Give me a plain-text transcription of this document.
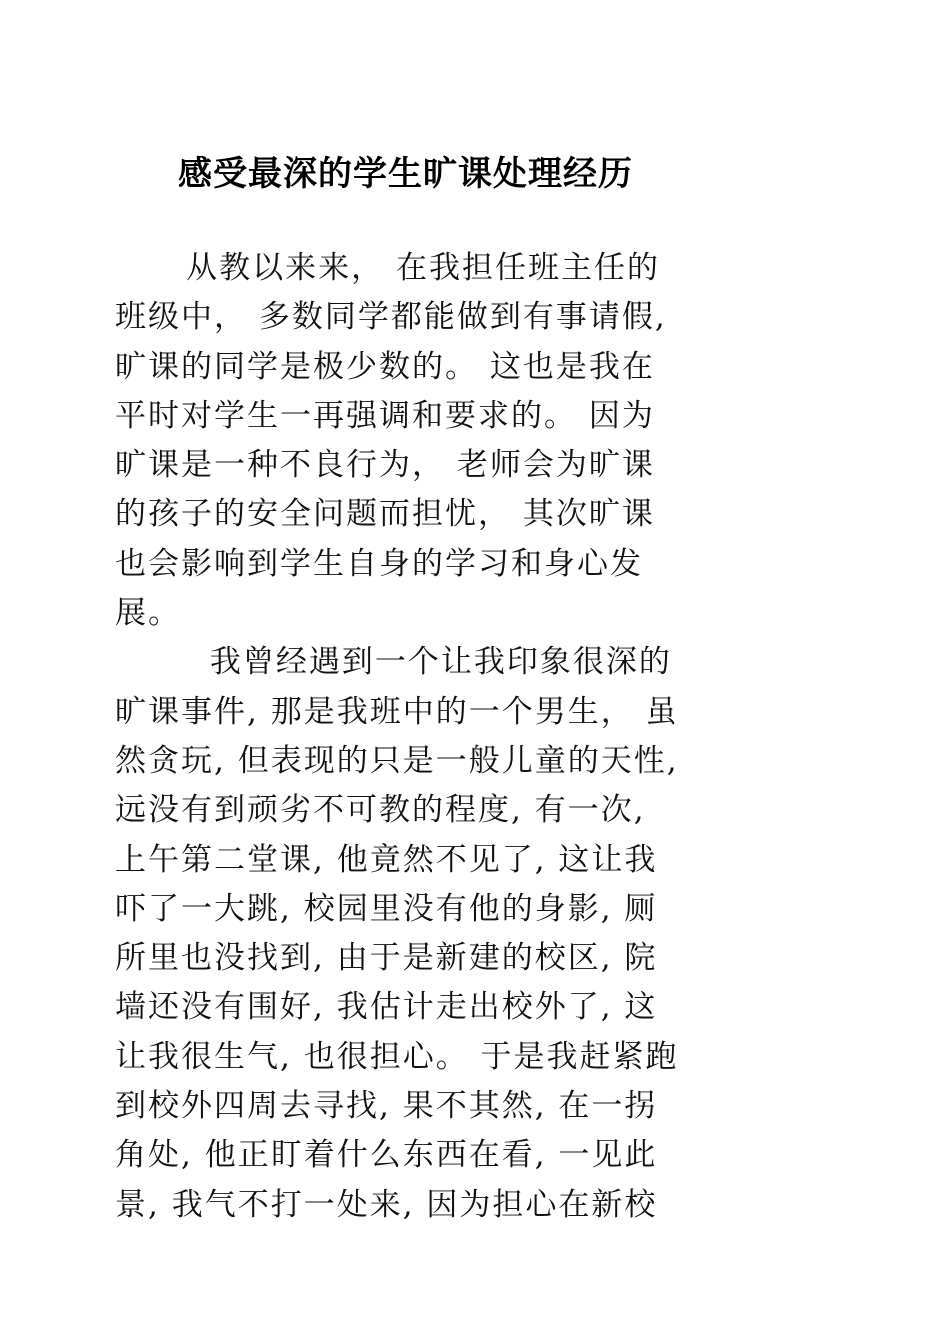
感受最深的学生旷课处理经历
从教以来来， 在我担任班主任的
班级中， 多数同学都能做到有事请假,
旷课的同学是极少数的。 这也是我在
平时对学生一再强调和要求的。 因为
旷课是一种不良行为， 老师会为旷课
的孩子的安全问题而担忧， 其次旷课
也会影响到学生自身的学习和身心发
展。
我曾经遇到一个让我印象很深的
旷课事件, 那是我班中的一个男生， 虽
然贪玩, 但表现的只是一般儿童的天性,
远没有到顽劣不可教的程度, 有一次,
上午第二堂课, 他竟然不见了, 这让我
吓了一大跳, 校园里没有他的身影, 厕
所里也没找到, 由于是新建的校区, 院
墙还没有围好, 我估计走出校外了, 这
让我很生气, 也很担心。 于是我赶紧跑
到校外四周去寻找, 果不其然, 在一拐
角处, 他正盯着什么东西在看, 一见此
景, 我气不打一处来, 因为担心在新校
